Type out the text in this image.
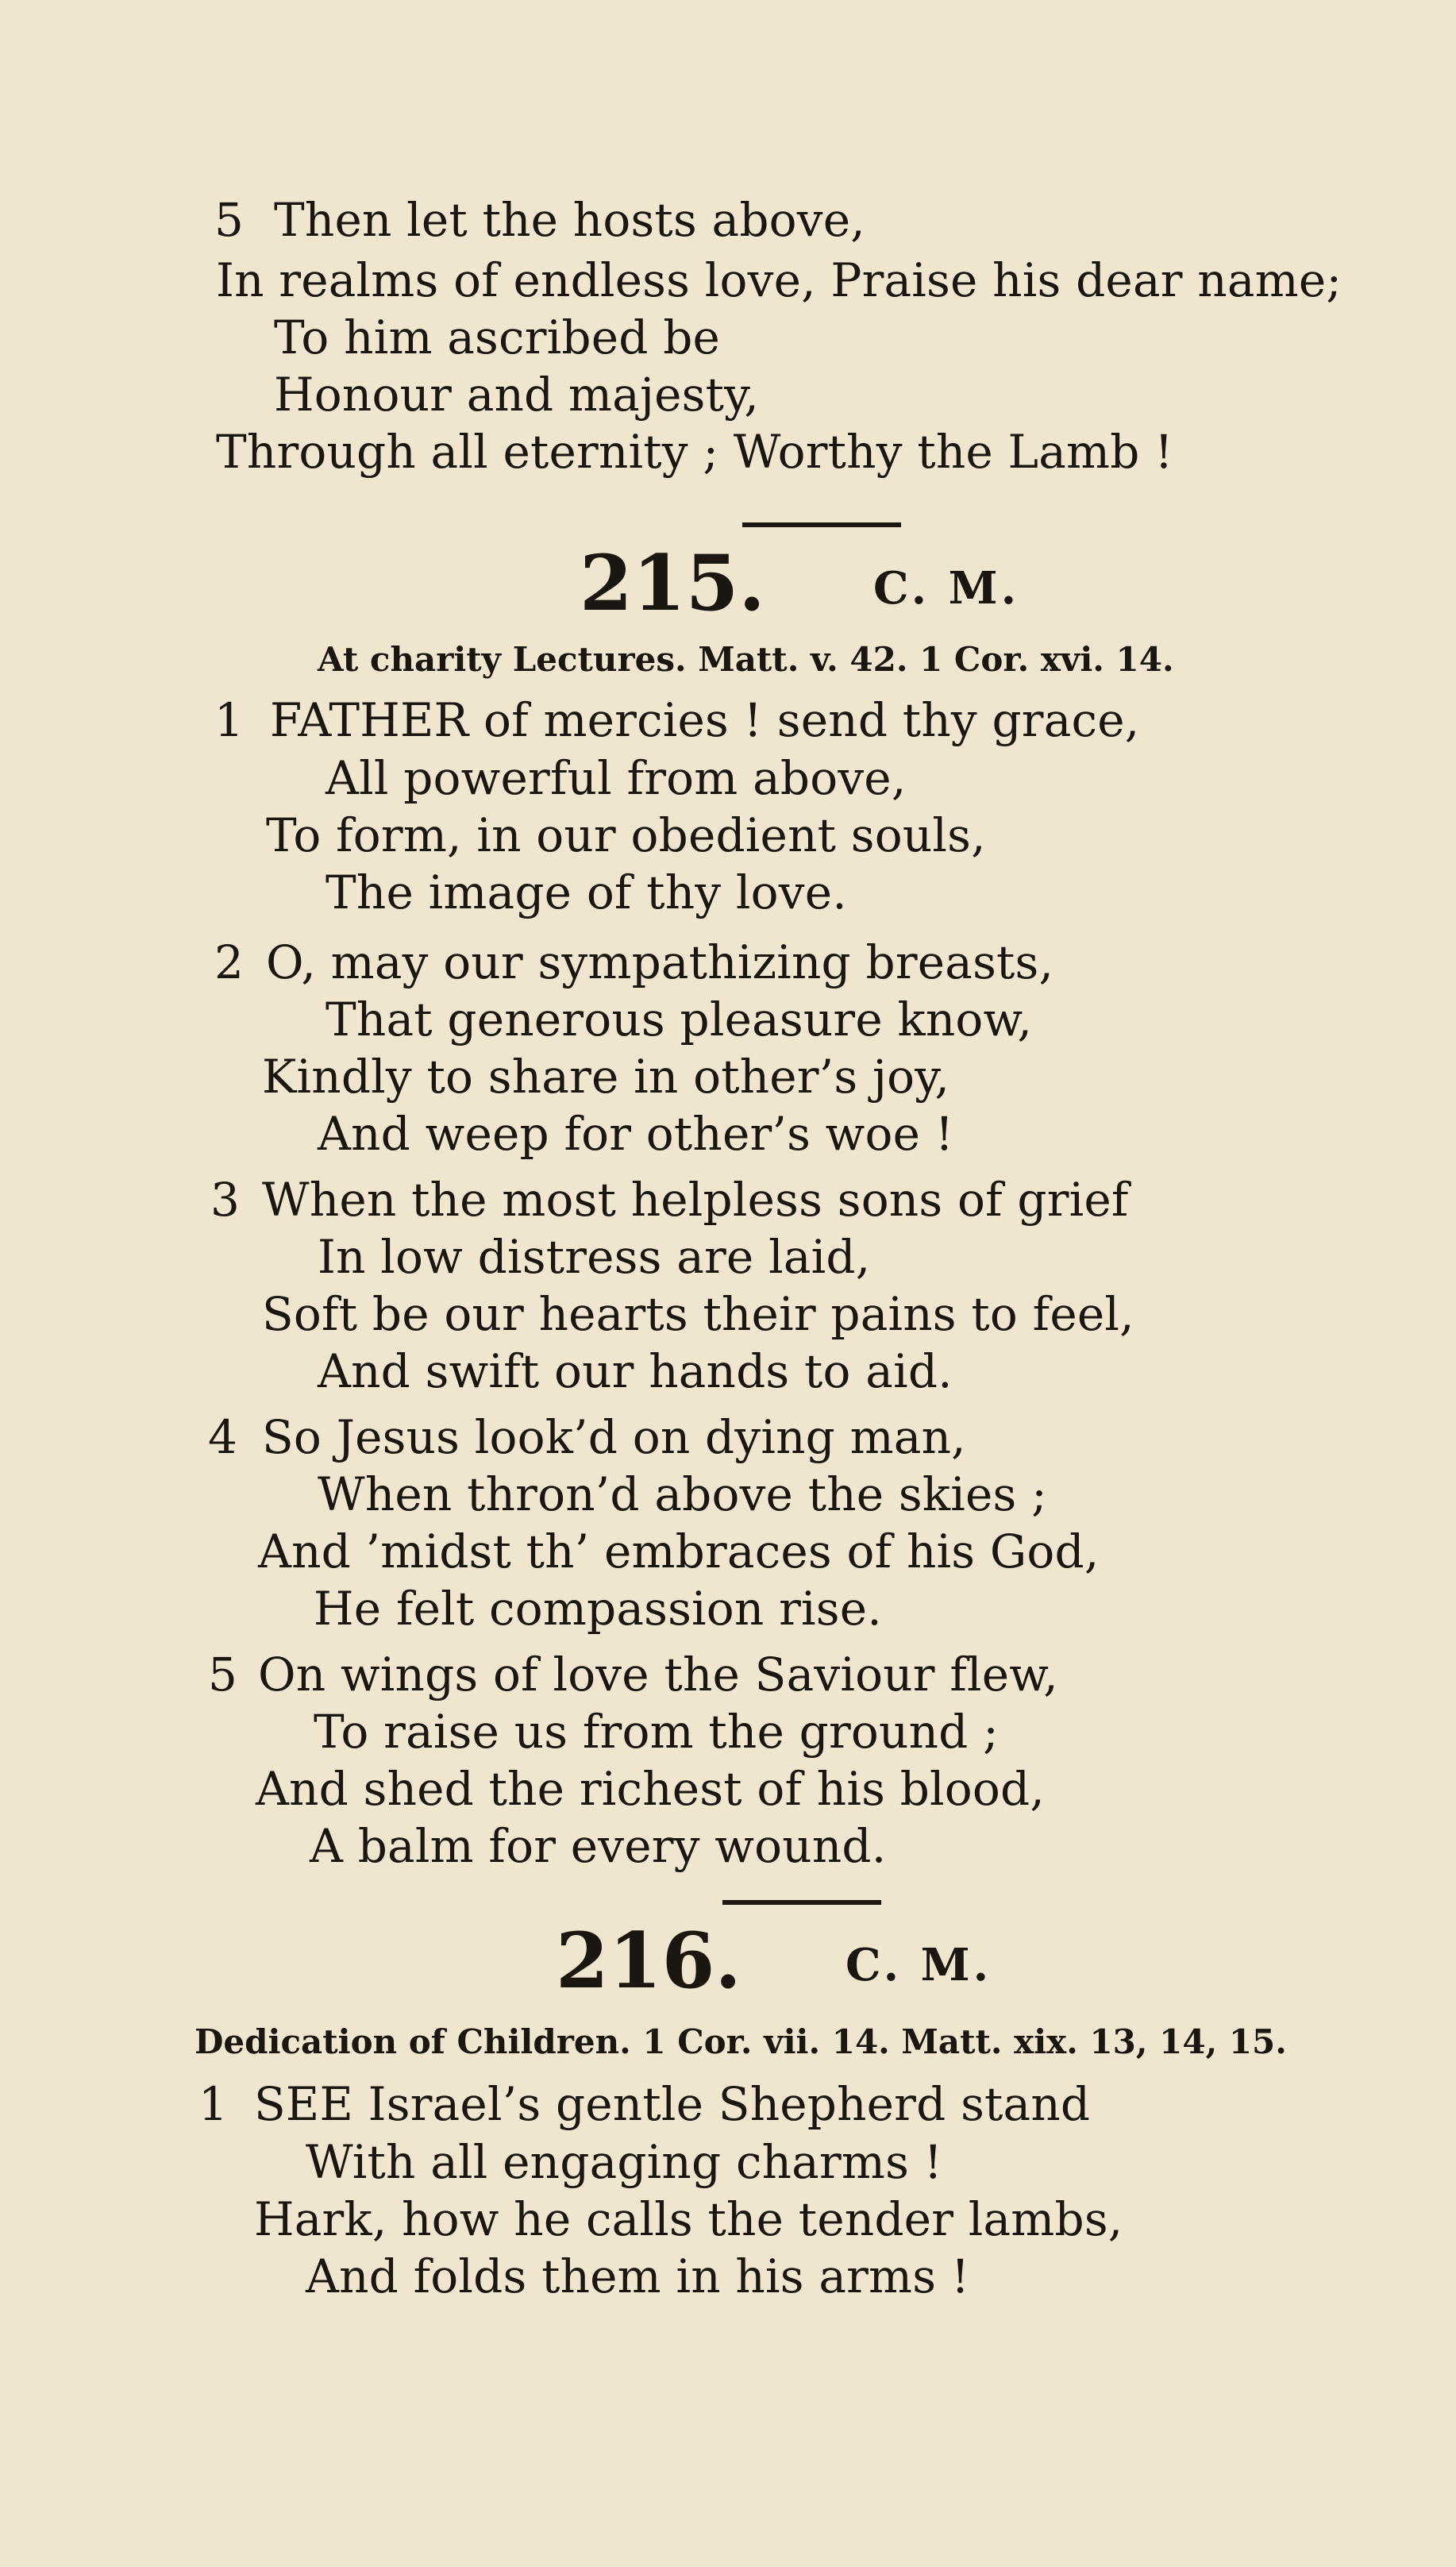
5 Then let the hosts above,
In realms of endless love, Praise his dear name;
To him ascribed be
Honour and majesty,
Through all eternity ; Worthy the Lamb !
215. C. M.
At charity Lectures. Matt. v. 42. 1 Cor. xvi. 14.
1 FATHER of mercies ! send thy grace,
All powerful from above,
To form, in our obedient souls,
The image of thy love.
2 O, may our sympathizing breasts,
That generous pleasure know,
Kindly to share in other’s joy,
And weep for other’s woe !
3 When the most helpless sons of grief
In low distress are laid,
Soft be our hearts their pains to feel,
And swift our hands to aid.
4 So Jesus look’d on dying man,
When thron’d above the skies ;
And ’midst th’ embraces of his God,
He felt compassion rise.
5 On wings of love the Saviour flew,
To raise us from the ground ;
And shed the richest of his blood,
A balm for every wound.
216. C. M.
Dedication of Children. 1 Cor. vii. 14. Matt. xix. 13, 14, 15.
1 SEE Israel’s gentle Shepherd stand
With all engaging charms !
Hark, how he calls the tender lambs,
And folds them in his arms !
